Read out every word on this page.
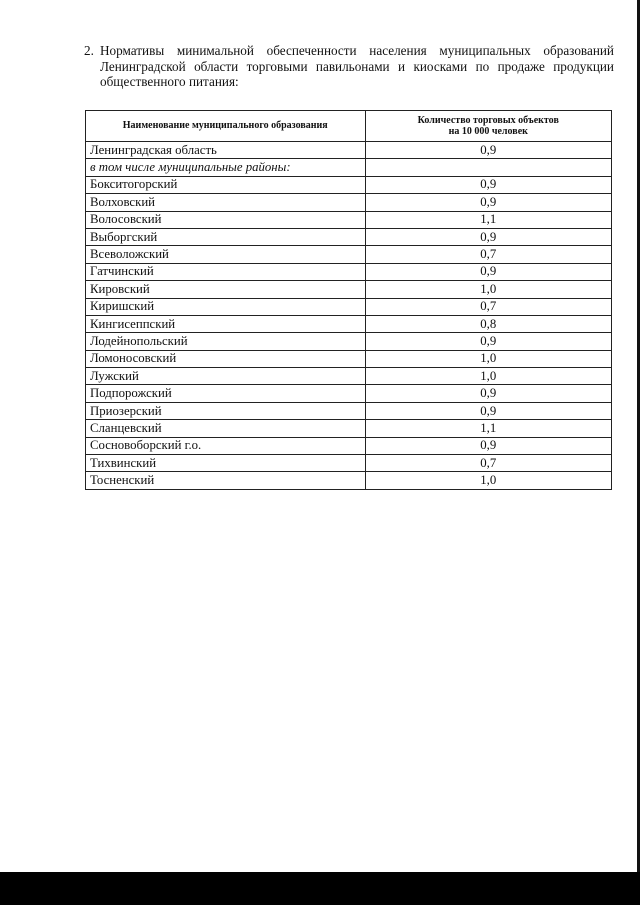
2. Нормативы минимальной обеспеченности населения муниципальных образований Ленинградской области торговыми павильонами и киосками по продаже продукции общественного питания:
Наименование муниципального образования	Количество торговых объектов
на 10 000 человек
Ленинградская область	0,9
в том числе муниципальные районы:	
Бокситогорский	0,9
Волховский	0,9
Волосовский	1,1
Выборгский	0,9
Всеволожский	0,7
Гатчинский	0,9
Кировский	1,0
Киришский	0,7
Кингисеппский	0,8
Лодейнопольский	0,9
Ломоносовский	1,0
Лужский	1,0
Подпорожский	0,9
Приозерский	0,9
Сланцевский	1,1
Сосновоборский г.о.	0,9
Тихвинский	0,7
Тосненский	1,0
